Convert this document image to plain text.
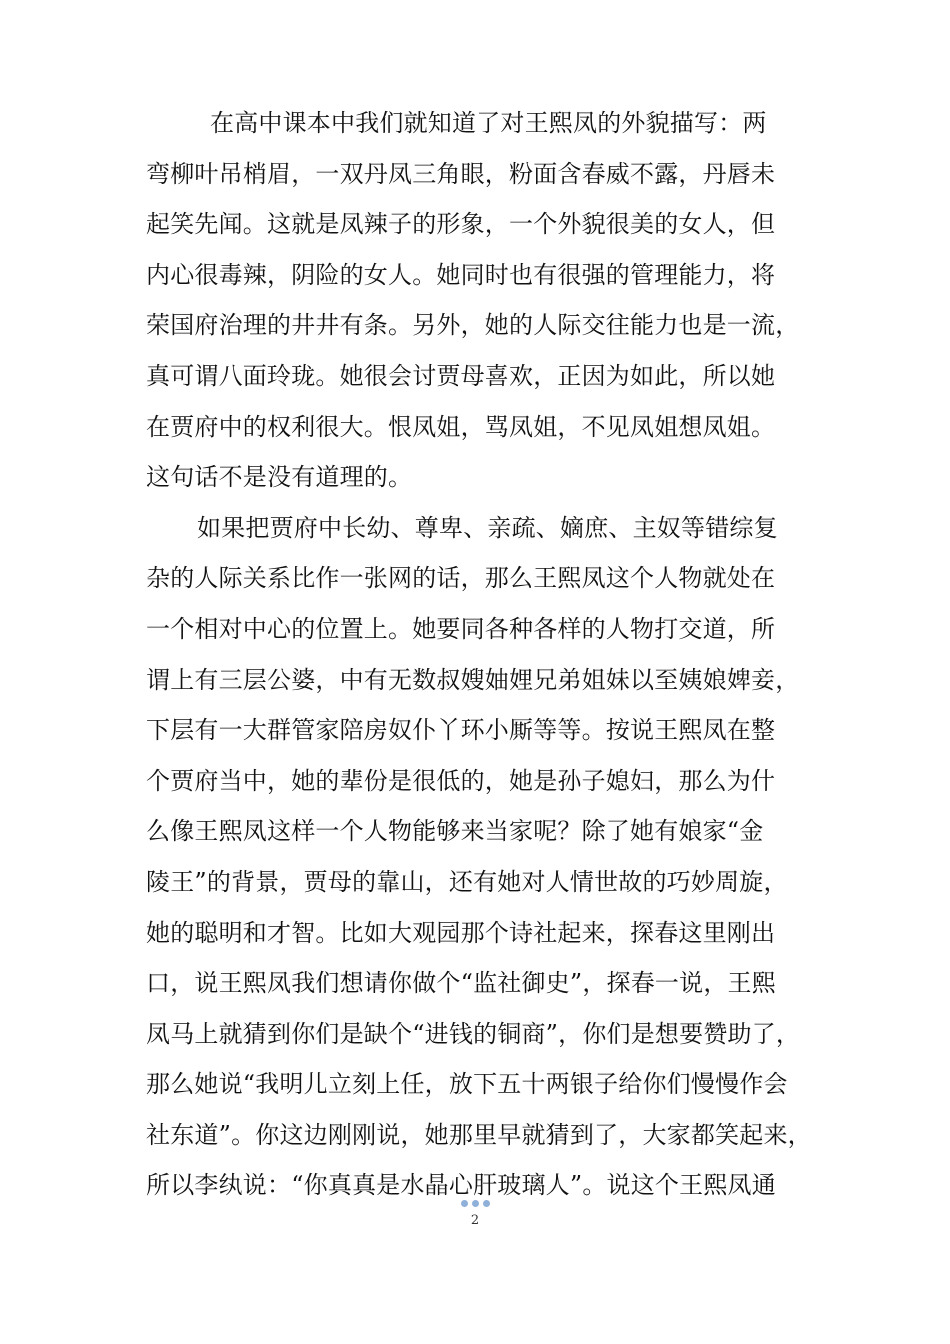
在高中课本中我们就知道了对王熙凤的外貌描写：两
弯柳叶吊梢眉，一双丹凤三角眼，粉面含春威不露，丹唇未
起笑先闻。这就是凤辣子的形象，一个外貌很美的女人，但
内心很毒辣，阴险的女人。她同时也有很强的管理能力，将
荣国府治理的井井有条。另外，她的人际交往能力也是一流，
真可谓八面玲珑。她很会讨贾母喜欢，正因为如此，所以她
在贾府中的权利很大。恨凤姐，骂凤姐，不见凤姐想凤姐。
这句话不是没有道理的。
如果把贾府中长幼、尊卑、亲疏、嫡庶、主奴等错综复
杂的人际关系比作一张网的话，那么王熙凤这个人物就处在
一个相对中心的位置上。她要同各种各样的人物打交道，所
谓上有三层公婆，中有无数叔嫂妯娌兄弟姐妹以至姨娘婢妾，
下层有一大群管家陪房奴仆丫环小厮等等。按说王熙凤在整
个贾府当中，她的辈份是很低的，她是孙子媳妇，那么为什
么像王熙凤这样一个人物能够来当家呢？除了她有娘家“金
陵王”的背景，贾母的靠山，还有她对人情世故的巧妙周旋，
她的聪明和才智。比如大观园那个诗社起来，探春这里刚出
口，说王熙凤我们想请你做个“监社御史”，探春一说，王熙
凤马上就猜到你们是缺个“进钱的铜商”，你们是想要赞助了，
那么她说“我明儿立刻上任，放下五十两银子给你们慢慢作会
社东道”。你这边刚刚说，她那里早就猜到了，大家都笑起来，
所以李纨说：“你真真是水晶心肝玻璃人”。说这个王熙凤通
2
